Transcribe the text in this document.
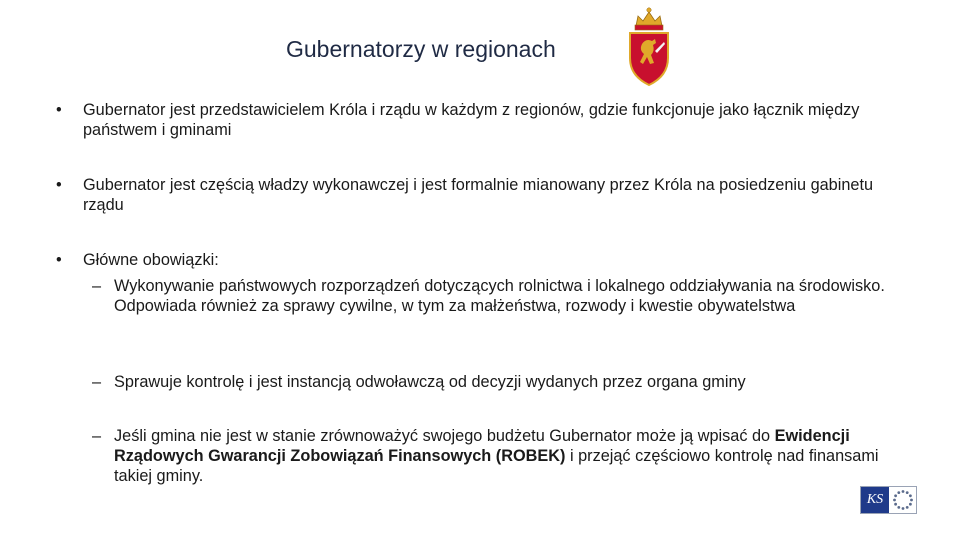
Gubernatorzy w regionach
•	Gubernator jest przedstawicielem Króla i rządu w każdym z regionów, gdzie funkcjonuje jako łącznik między państwem i gminami
•	Gubernator jest częścią władzy wykonawczej i jest formalnie mianowany przez Króla na posiedzeniu gabinetu rządu
•	Główne obowiązki:
– Wykonywanie państwowych rozporządzeń dotyczących rolnictwa i lokalnego oddziaływania na środowisko. Odpowiada również za sprawy cywilne, w tym za małżeństwa, rozwody i kwestie obywatelstwa
– Sprawuje kontrolę i jest instancją odwoławczą od decyzji wydanych przez organa gminy
– Jeśli gmina nie jest w stanie zrównoważyć swojego budżetu Gubernator może ją wpisać do Ewidencji Rządowych Gwarancji Zobowiązań Finansowych (ROBEK) i przejąć częściowo kontrolę nad finansami takiej gminy.
KS
